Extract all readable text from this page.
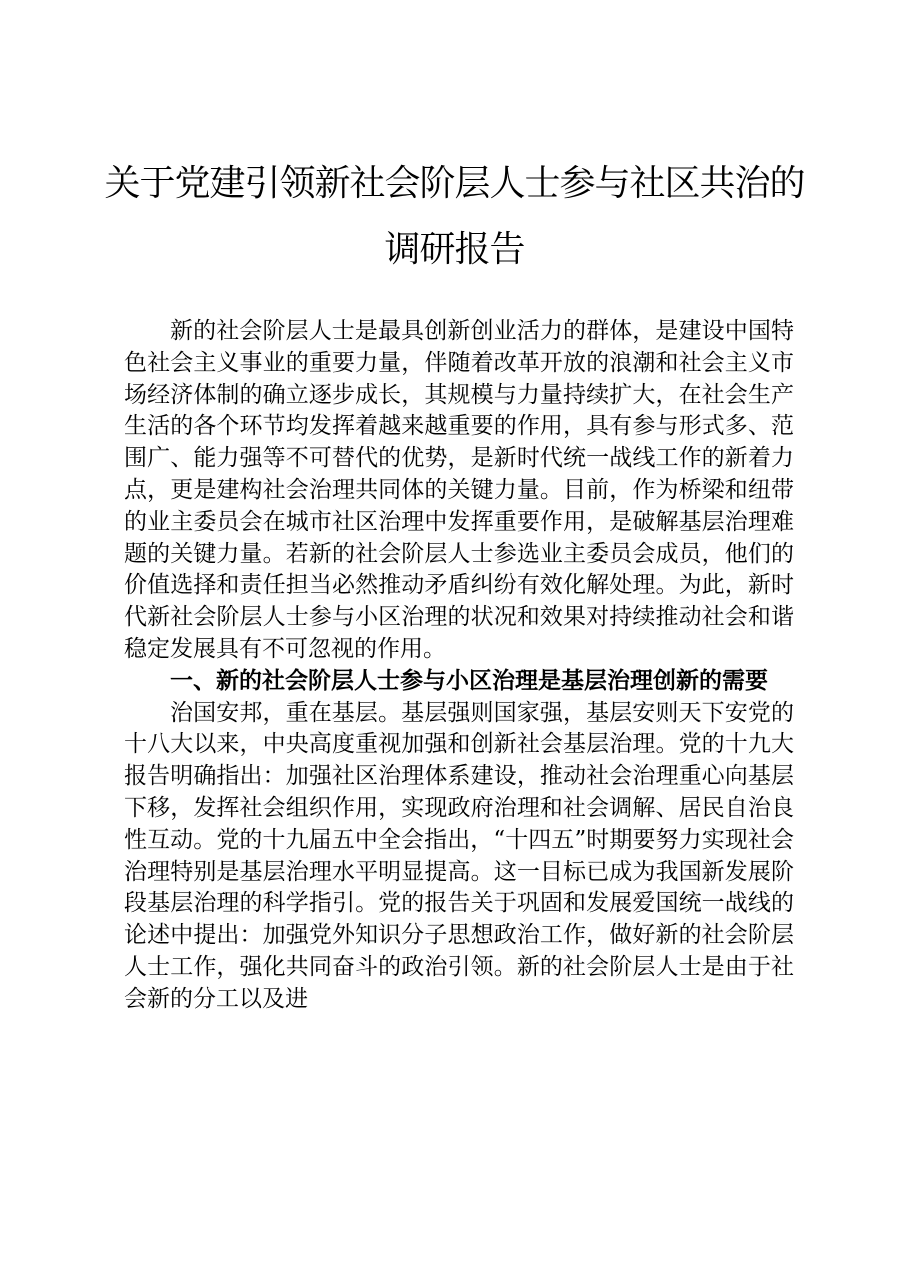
关于党建引领新社会阶层人士参与社区共治的
调研报告

新的社会阶层人士是最具创新创业活力的群体，是建设中国特色社会主义事业的重要力量，伴随着改革开放的浪潮和社会主义市场经济体制的确立逐步成长，其规模与力量持续扩大，在社会生产生活的各个环节均发挥着越来越重要的作用，具有参与形式多、范围广、能力强等不可替代的优势，是新时代统一战线工作的新着力点，更是建构社会治理共同体的关键力量。目前，作为桥梁和纽带的业主委员会在城市社区治理中发挥重要作用，是破解基层治理难题的关键力量。若新的社会阶层人士参选业主委员会成员，他们的价值选择和责任担当必然推动矛盾纠纷有效化解处理。为此，新时代新社会阶层人士参与小区治理的状况和效果对持续推动社会和谐稳定发展具有不可忽视的作用。

一、新的社会阶层人士参与小区治理是基层治理创新的需要

治国安邦，重在基层。基层强则国家强，基层安则天下安党的十八大以来，中央高度重视加强和创新社会基层治理。党的十九大报告明确指出：加强社区治理体系建设，推动社会治理重心向基层下移，发挥社会组织作用，实现政府治理和社会调解、居民自治良性互动。党的十九届五中全会指出，“十四五”时期要努力实现社会治理特别是基层治理水平明显提高。这一目标已成为我国新发展阶段基层治理的科学指引。党的报告关于巩固和发展爱国统一战线的论述中提出：加强党外知识分子思想政治工作，做好新的社会阶层人士工作，强化共同奋斗的政治引领。新的社会阶层人士是由于社会新的分工以及进
